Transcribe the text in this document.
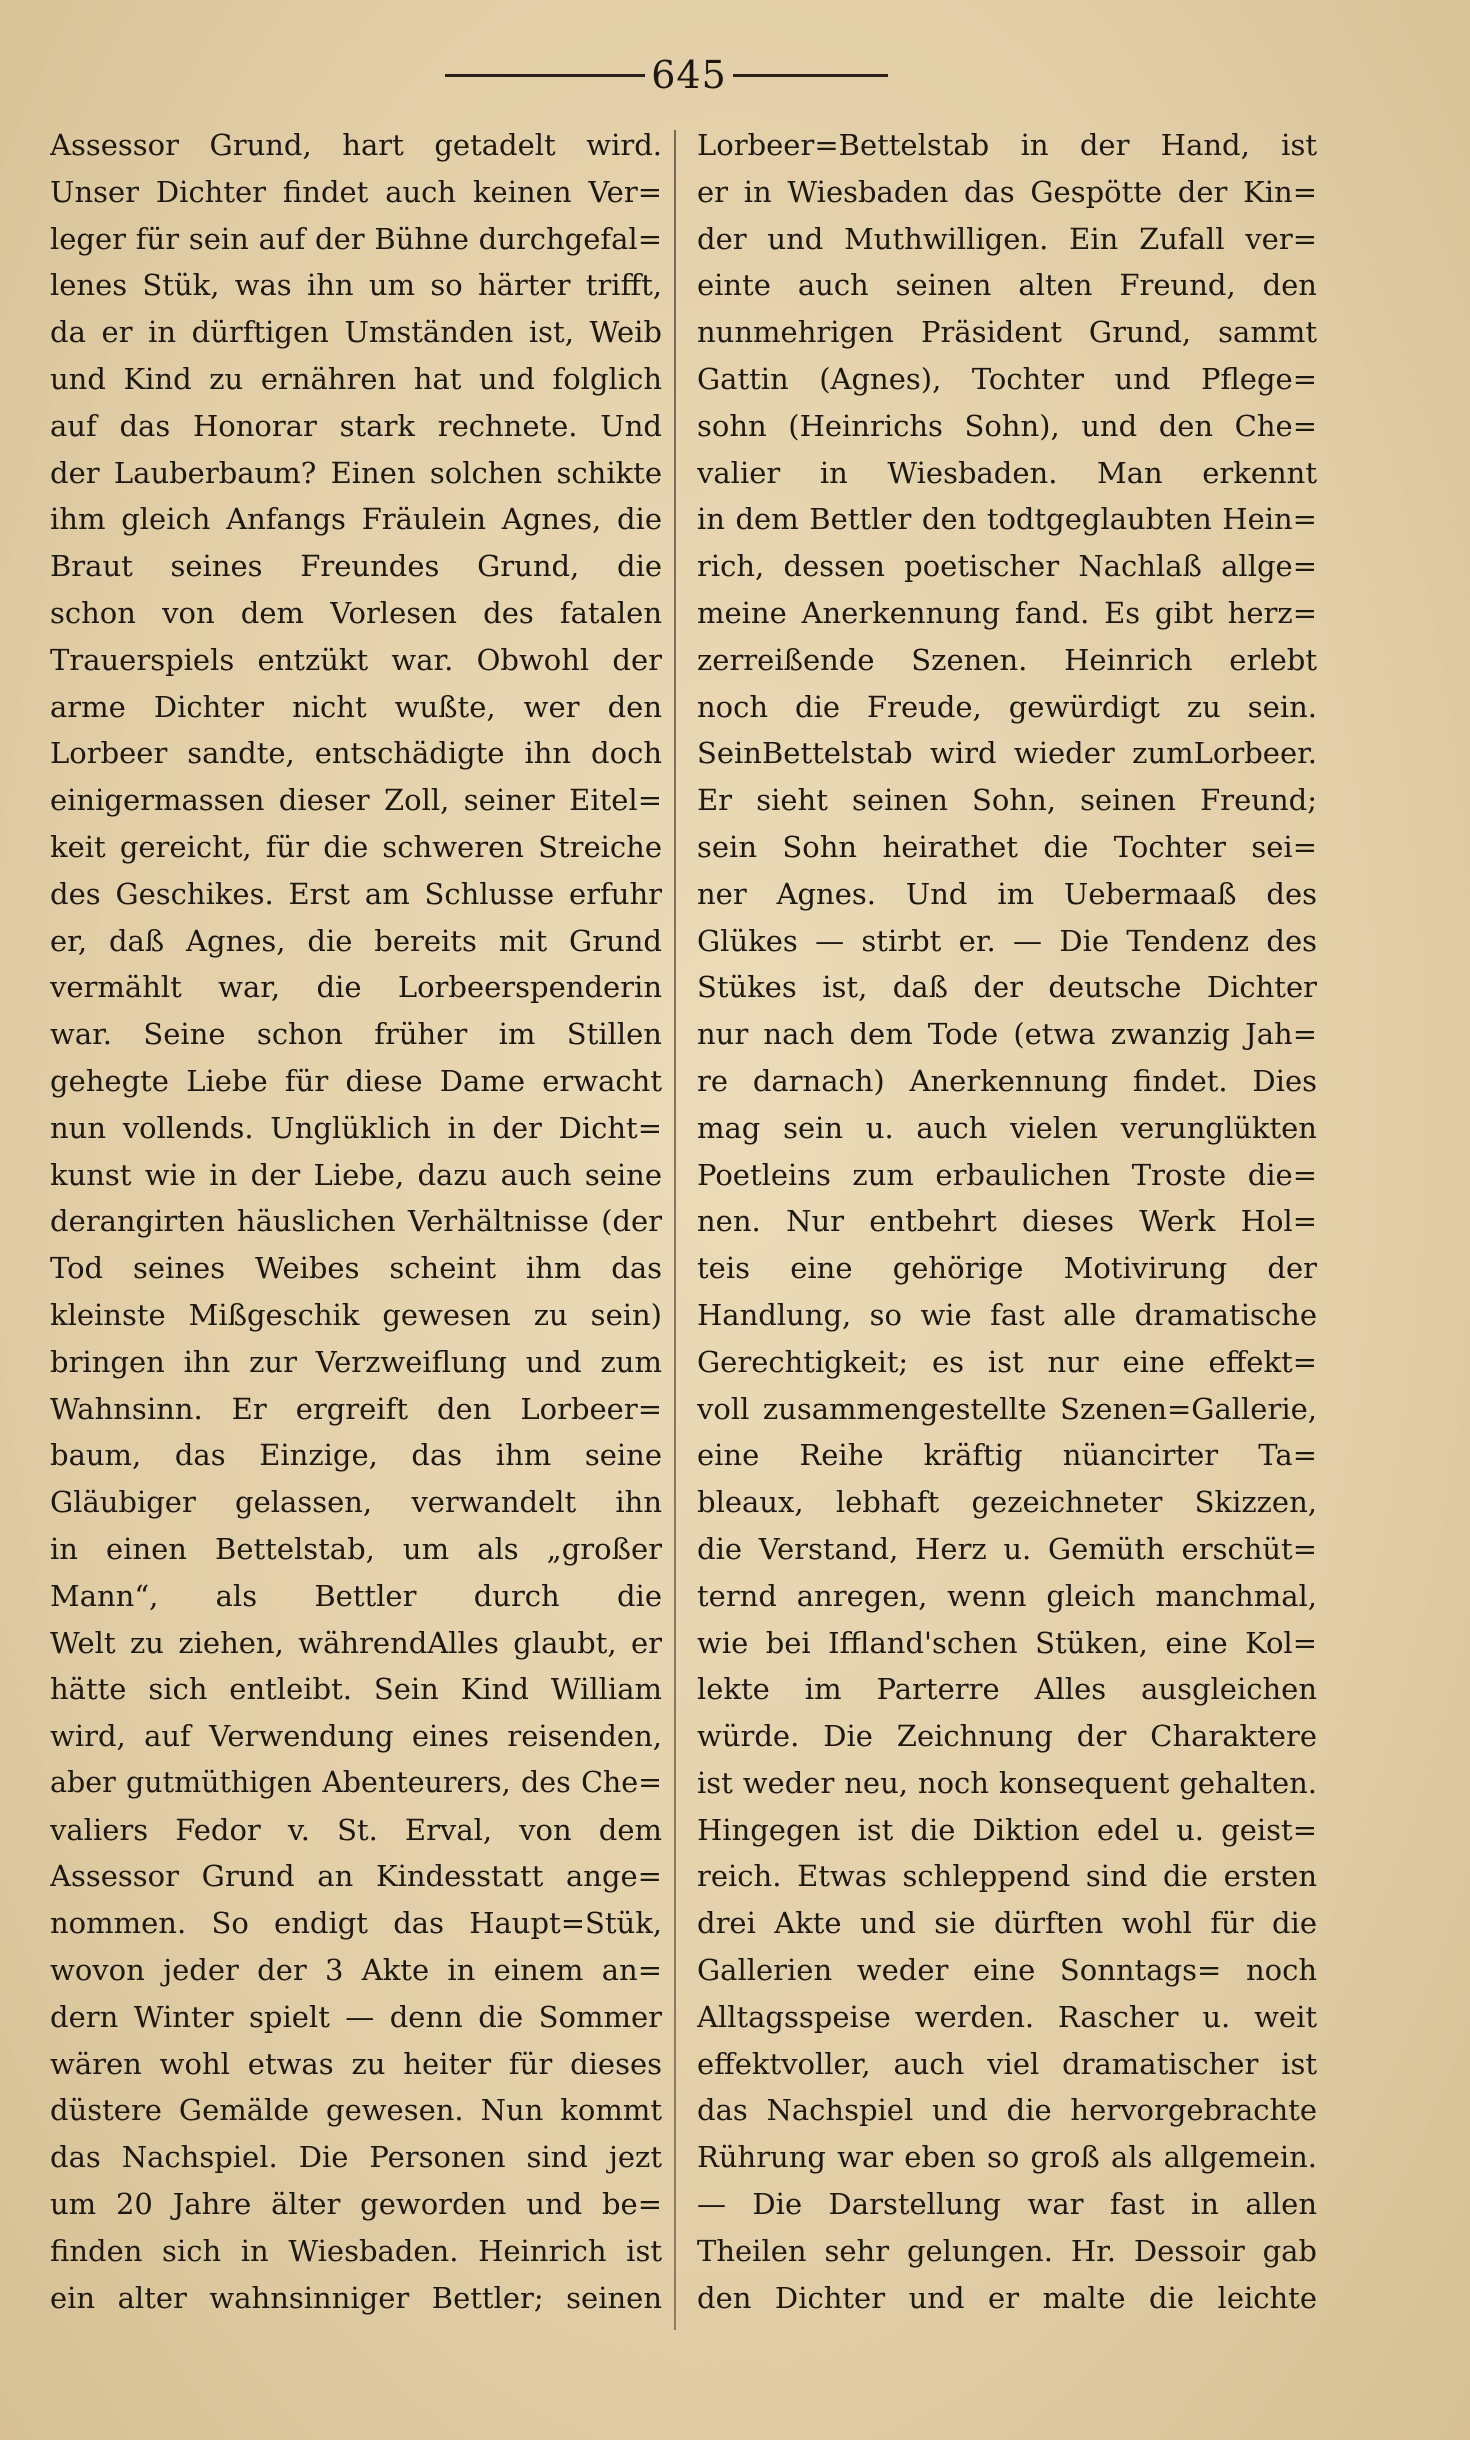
645
Assessor Grund, hart getadelt wird.
Unser Dichter findet auch keinen Ver=
leger für sein auf der Bühne durchgefal=
lenes Stük, was ihn um so härter trifft,
da er in dürftigen Umständen ist, Weib
und Kind zu ernähren hat und folglich
auf das Honorar stark rechnete. Und
der Lauberbaum? Einen solchen schikte
ihm gleich Anfangs Fräulein Agnes, die
Braut seines Freundes Grund, die
schon von dem Vorlesen des fatalen
Trauerspiels entzükt war. Obwohl der
arme Dichter nicht wußte, wer den
Lorbeer sandte, entschädigte ihn doch
einigermassen dieser Zoll, seiner Eitel=
keit gereicht, für die schweren Streiche
des Geschikes. Erst am Schlusse erfuhr
er, daß Agnes, die bereits mit Grund
vermählt war, die Lorbeerspenderin
war. Seine schon früher im Stillen
gehegte Liebe für diese Dame erwacht
nun vollends. Unglüklich in der Dicht=
kunst wie in der Liebe, dazu auch seine
derangirten häuslichen Verhältnisse (der
Tod seines Weibes scheint ihm das
kleinste Mißgeschik gewesen zu sein)
bringen ihn zur Verzweiflung und zum
Wahnsinn. Er ergreift den Lorbeer=
baum, das Einzige, das ihm seine
Gläubiger gelassen, verwandelt ihn
in einen Bettelstab, um als „großer
Mann“, als Bettler durch die
Welt zu ziehen, währendAlles glaubt, er
hätte sich entleibt. Sein Kind William
wird, auf Verwendung eines reisenden,
aber gutmüthigen Abenteurers, des Che=
valiers Fedor v. St. Erval, von dem
Assessor Grund an Kindesstatt ange=
nommen. So endigt das Haupt=Stük,
wovon jeder der 3 Akte in einem an=
dern Winter spielt — denn die Sommer
wären wohl etwas zu heiter für dieses
düstere Gemälde gewesen. Nun kommt
das Nachspiel. Die Personen sind jezt
um 20 Jahre älter geworden und be=
finden sich in Wiesbaden. Heinrich ist
ein alter wahnsinniger Bettler; seinen
Lorbeer=Bettelstab in der Hand, ist
er in Wiesbaden das Gespötte der Kin=
der und Muthwilligen. Ein Zufall ver=
einte auch seinen alten Freund, den
nunmehrigen Präsident Grund, sammt
Gattin (Agnes), Tochter und Pflege=
sohn (Heinrichs Sohn), und den Che=
valier in Wiesbaden. Man erkennt
in dem Bettler den todtgeglaubten Hein=
rich, dessen poetischer Nachlaß allge=
meine Anerkennung fand. Es gibt herz=
zerreißende Szenen. Heinrich erlebt
noch die Freude, gewürdigt zu sein.
SeinBettelstab wird wieder zumLorbeer.
Er sieht seinen Sohn, seinen Freund;
sein Sohn heirathet die Tochter sei=
ner Agnes. Und im Uebermaaß des
Glükes — stirbt er. — Die Tendenz des
Stükes ist, daß der deutsche Dichter
nur nach dem Tode (etwa zwanzig Jah=
re darnach) Anerkennung findet. Dies
mag sein u. auch vielen verunglükten
Poetleins zum erbaulichen Troste die=
nen. Nur entbehrt dieses Werk Hol=
teis eine gehörige Motivirung der
Handlung, so wie fast alle dramatische
Gerechtigkeit; es ist nur eine effekt=
voll zusammengestellte Szenen=Gallerie,
eine Reihe kräftig nüancirter Ta=
bleaux, lebhaft gezeichneter Skizzen,
die Verstand, Herz u. Gemüth erschüt=
ternd anregen, wenn gleich manchmal,
wie bei Iffland'schen Stüken, eine Kol=
lekte im Parterre Alles ausgleichen
würde. Die Zeichnung der Charaktere
ist weder neu, noch konsequent gehalten.
Hingegen ist die Diktion edel u. geist=
reich. Etwas schleppend sind die ersten
drei Akte und sie dürften wohl für die
Gallerien weder eine Sonntags= noch
Alltagsspeise werden. Rascher u. weit
effektvoller, auch viel dramatischer ist
das Nachspiel und die hervorgebrachte
Rührung war eben so groß als allgemein.
— Die Darstellung war fast in allen
Theilen sehr gelungen. Hr. Dessoir gab
den Dichter und er malte die leichte
